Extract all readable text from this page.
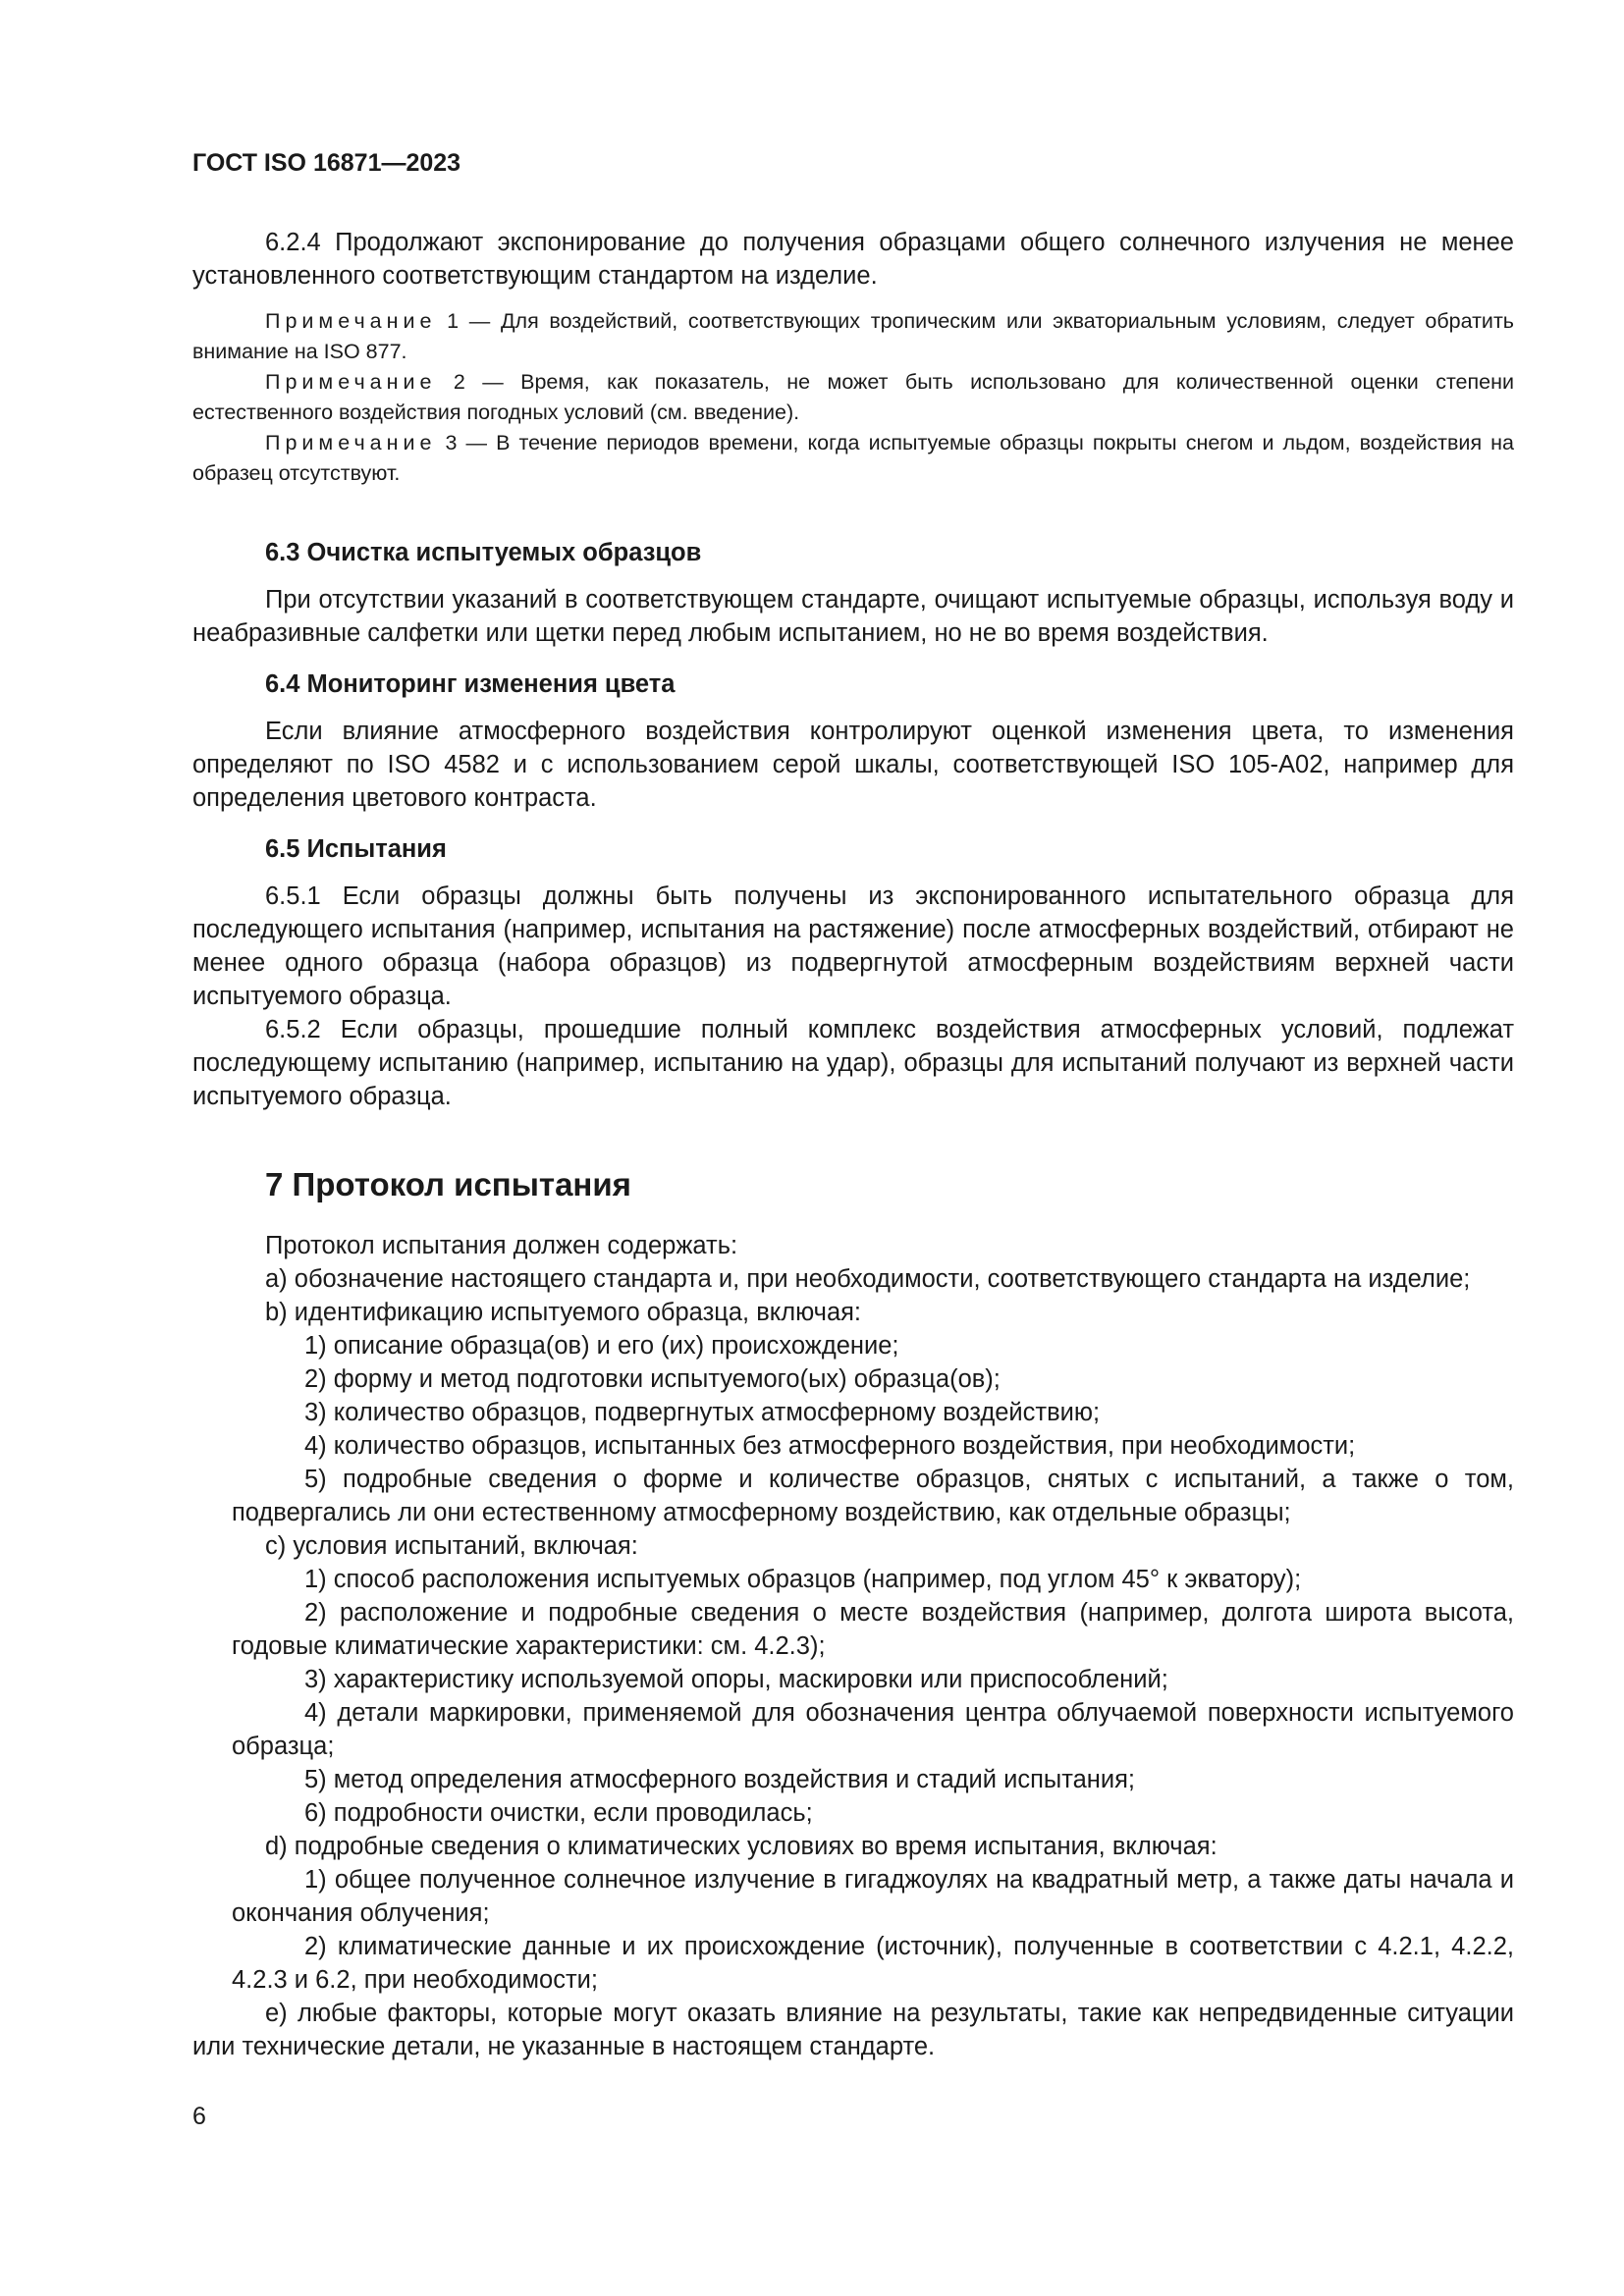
ГОСТ ISO 16871—2023

6.2.4 Продолжают экспонирование до получения образцами общего солнечного излучения не менее установленного соответствующим стандартом на изделие.

Примечание 1 — Для воздействий, соответствующих тропическим или экваториальным условиям, следует обратить внимание на ISO 877.

Примечание 2 — Время, как показатель, не может быть использовано для количественной оценки степени естественного воздействия погодных условий (см. введение).

Примечание 3 — В течение периодов времени, когда испытуемые образцы покрыты снегом и льдом, воздействия на образец отсутствуют.

6.3 Очистка испытуемых образцов

При отсутствии указаний в соответствующем стандарте, очищают испытуемые образцы, используя воду и неабразивные салфетки или щетки перед любым испытанием, но не во время воздействия.

6.4 Мониторинг изменения цвета

Если влияние атмосферного воздействия контролируют оценкой изменения цвета, то изменения определяют по ISO 4582 и с использованием серой шкалы, соответствующей ISO 105-A02, например для определения цветового контраста.

6.5 Испытания

6.5.1 Если образцы должны быть получены из экспонированного испытательного образца для последующего испытания (например, испытания на растяжение) после атмосферных воздействий, отбирают не менее одного образца (набора образцов) из подвергнутой атмосферным воздействиям верхней части испытуемого образца.

6.5.2 Если образцы, прошедшие полный комплекс воздействия атмосферных условий, подлежат последующему испытанию (например, испытанию на удар), образцы для испытаний получают из верхней части испытуемого образца.

7 Протокол испытания

Протокол испытания должен содержать:

a) обозначение настоящего стандарта и, при необходимости, соответствующего стандарта на изделие;

b) идентификацию испытуемого образца, включая:

1) описание образца(ов) и его (их) происхождение;

2) форму и метод подготовки испытуемого(ых) образца(ов);

3) количество образцов, подвергнутых атмосферному воздействию;

4) количество образцов, испытанных без атмосферного воздействия, при необходимости;

5) подробные сведения о форме и количестве образцов, снятых с испытаний, а также о том, подвергались ли они естественному атмосферному воздействию, как отдельные образцы;

c) условия испытаний, включая:

1) способ расположения испытуемых образцов (например, под углом 45° к экватору);

2) расположение и подробные сведения о месте воздействия (например, долгота широта высота, годовые климатические характеристики: см. 4.2.3);

3) характеристику используемой опоры, маскировки или приспособлений;

4) детали маркировки, применяемой для обозначения центра облучаемой поверхности испытуемого образца;

5) метод определения атмосферного воздействия и стадий испытания;

6) подробности очистки, если проводилась;

d) подробные сведения о климатических условиях во время испытания, включая:

1) общее полученное солнечное излучение в гигаджоулях на квадратный метр, а также даты начала и окончания облучения;

2) климатические данные и их происхождение (источник), полученные в соответствии с 4.2.1, 4.2.2, 4.2.3 и 6.2, при необходимости;

e) любые факторы, которые могут оказать влияние на результаты, такие как непредвиденные ситуации или технические детали, не указанные в настоящем стандарте.

6
